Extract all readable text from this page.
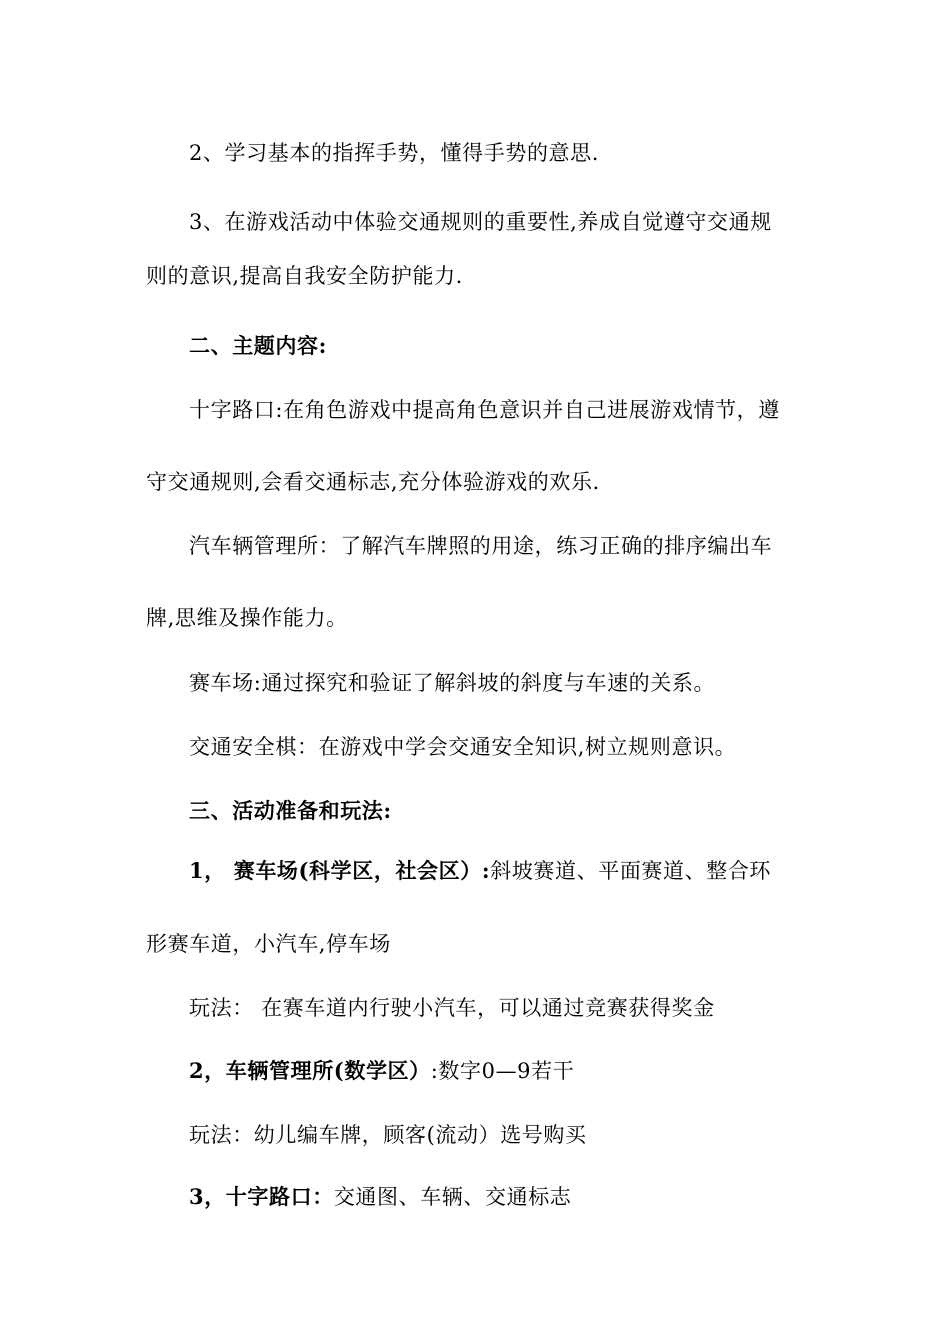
2、学习基本的指挥手势，懂得手势的意思.
3、在游戏活动中体验交通规则的重要性,养成自觉遵守交通规
则的意识,提高自我安全防护能力.
二、主题内容:
十字路口:在角色游戏中提高角色意识并自己进展游戏情节，遵
守交通规则,会看交通标志,充分体验游戏的欢乐.
汽车辆管理所：了解汽车牌照的用途，练习正确的排序编出车
牌,思维及操作能力。
赛车场:通过探究和验证了解斜坡的斜度与车速的关系。
交通安全棋：在游戏中学会交通安全知识,树立规则意识。
三、活动准备和玩法:
1， 赛车场(科学区，社会区）:斜坡赛道、平面赛道、整合环
形赛车道，小汽车,停车场
玩法： 在赛车道内行驶小汽车，可以通过竞赛获得奖金
2，车辆管理所(数学区）:数字0—9若干
玩法：幼儿编车牌，顾客(流动）选号购买
3，十字路口：交通图、车辆、交通标志
